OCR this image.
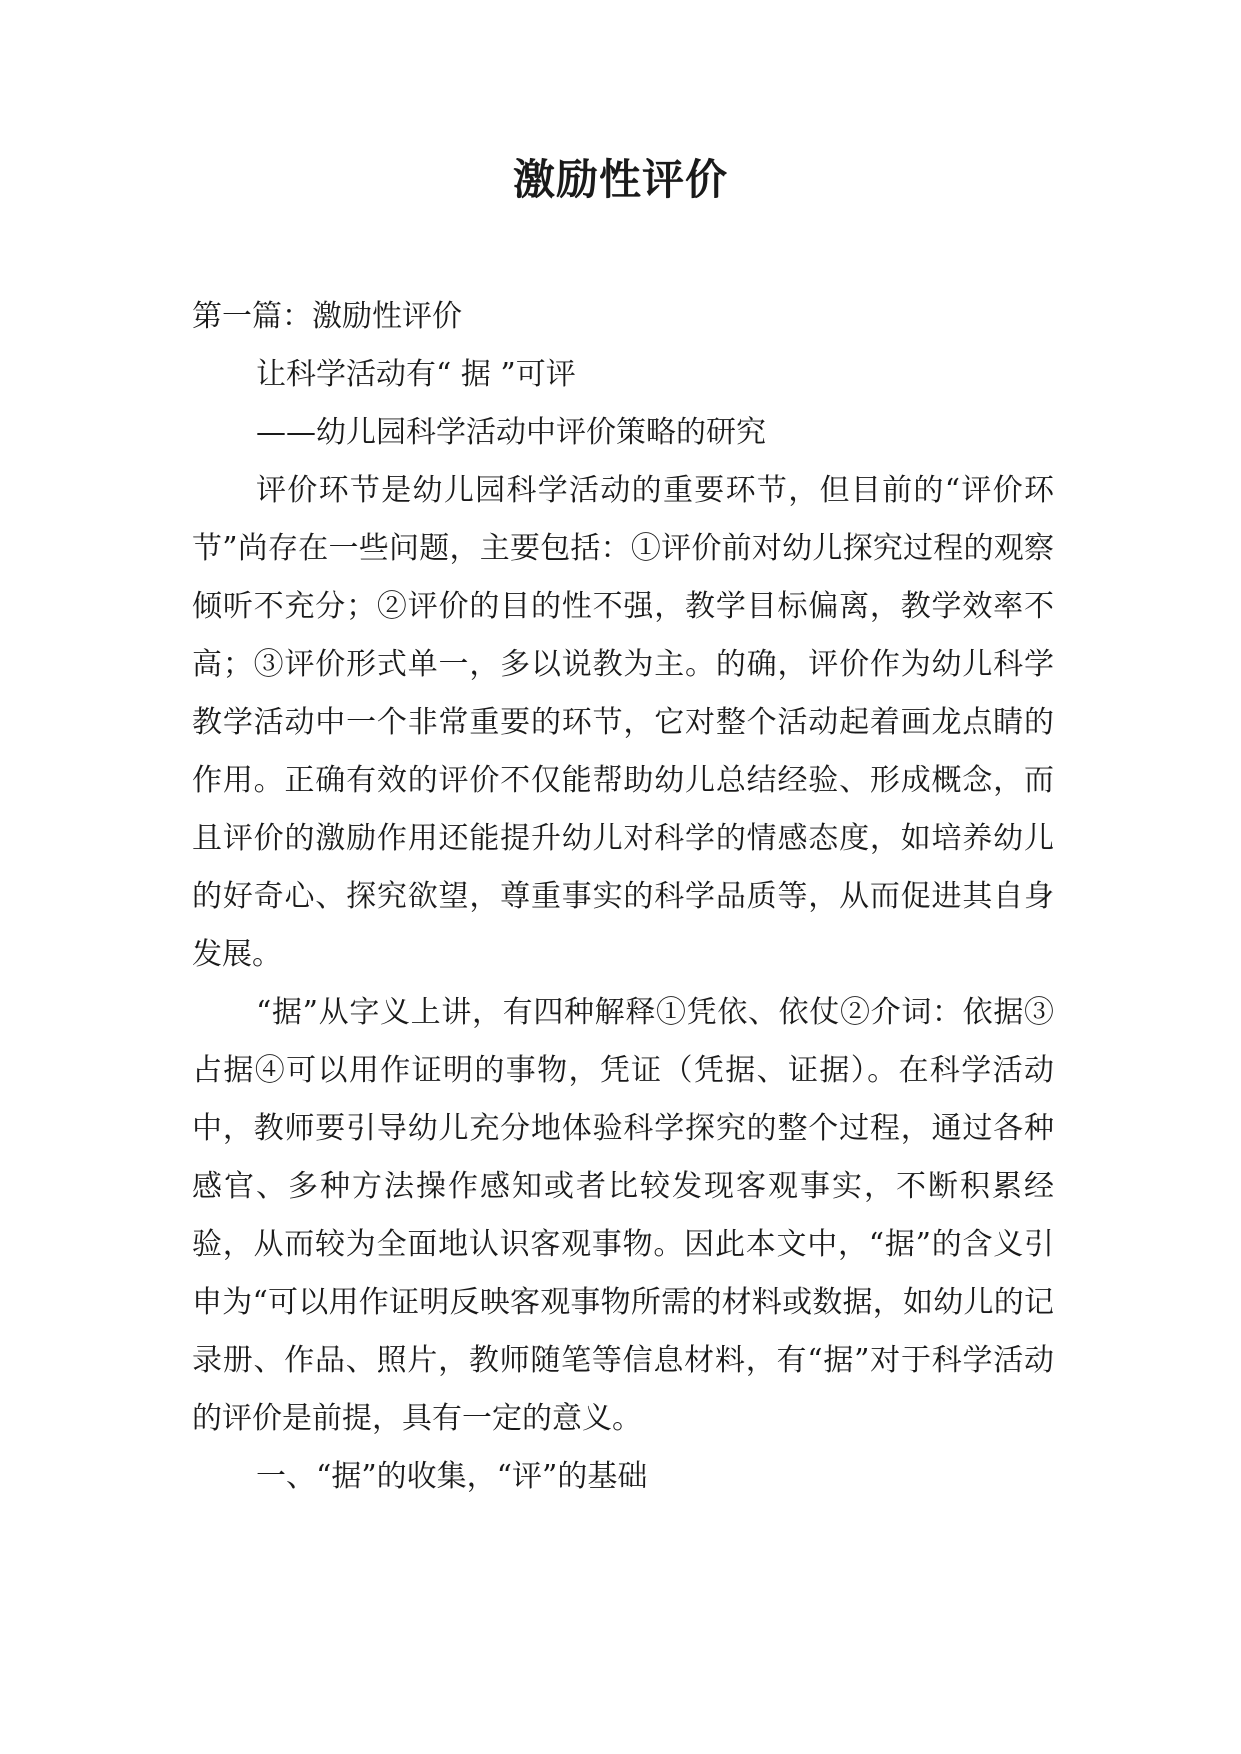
激励性评价

第一篇：激励性评价

让科学活动有“ 据 ”可评

——幼儿园科学活动中评价策略的研究

评价环节是幼儿园科学活动的重要环节，但目前的“评价环节”尚存在一些问题，主要包括：①评价前对幼儿探究过程的观察倾听不充分；②评价的目的性不强，教学目标偏离，教学效率不高；③评价形式单一，多以说教为主。的确，评价作为幼儿科学教学活动中一个非常重要的环节，它对整个活动起着画龙点睛的作用。正确有效的评价不仅能帮助幼儿总结经验、形成概念，而且评价的激励作用还能提升幼儿对科学的情感态度，如培养幼儿的好奇心、探究欲望，尊重事实的科学品质等，从而促进其自身发展。

“据”从字义上讲，有四种解释①凭依、依仗②介词：依据③占据④可以用作证明的事物，凭证（凭据、证据）。在科学活动中，教师要引导幼儿充分地体验科学探究的整个过程，通过各种感官、多种方法操作感知或者比较发现客观事实，不断积累经验，从而较为全面地认识客观事物。因此本文中，“据”的含义引申为“可以用作证明反映客观事物所需的材料或数据，如幼儿的记录册、作品、照片，教师随笔等信息材料，有“据”对于科学活动的评价是前提，具有一定的意义。

一、“据”的收集，“评”的基础
